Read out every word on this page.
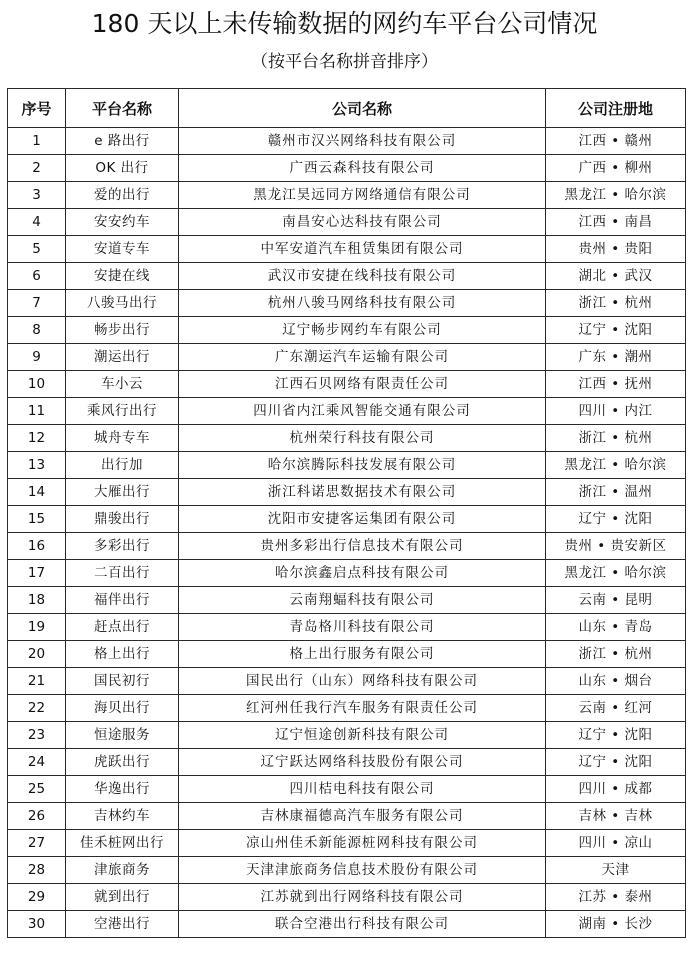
180 天以上未传输数据的网约车平台公司情况
（按平台名称拼音排序）
序号	平台名称	公司名称	公司注册地
1	e 路出行	赣州市汉兴网络科技有限公司	江西 • 赣州
2	OK 出行	广西云森科技有限公司	广西 • 柳州
3	爱的出行	黑龙江昊远同方网络通信有限公司	黑龙江 • 哈尔滨
4	安安约车	南昌安心达科技有限公司	江西 • 南昌
5	安道专车	中军安道汽车租赁集团有限公司	贵州 • 贵阳
6	安捷在线	武汉市安捷在线科技有限公司	湖北 • 武汉
7	八骏马出行	杭州八骏马网络科技有限公司	浙江 • 杭州
8	畅步出行	辽宁畅步网约车有限公司	辽宁 • 沈阳
9	潮运出行	广东潮运汽车运输有限公司	广东 • 潮州
10	车小云	江西石贝网络有限责任公司	江西 • 抚州
11	乘风行出行	四川省内江乘风智能交通有限公司	四川 • 内江
12	城舟专车	杭州荣行科技有限公司	浙江 • 杭州
13	出行加	哈尔滨腾际科技发展有限公司	黑龙江 • 哈尔滨
14	大雁出行	浙江科诺思数据技术有限公司	浙江 • 温州
15	鼎骏出行	沈阳市安捷客运集团有限公司	辽宁 • 沈阳
16	多彩出行	贵州多彩出行信息技术有限公司	贵州 • 贵安新区
17	二百出行	哈尔滨鑫启点科技有限公司	黑龙江 • 哈尔滨
18	福伴出行	云南翔蝠科技有限公司	云南 • 昆明
19	赶点出行	青岛格川科技有限公司	山东 • 青岛
20	格上出行	格上出行服务有限公司	浙江 • 杭州
21	国民初行	国民出行（山东）网络科技有限公司	山东 • 烟台
22	海贝出行	红河州任我行汽车服务有限责任公司	云南 • 红河
23	恒途服务	辽宁恒途创新科技有限公司	辽宁 • 沈阳
24	虎跃出行	辽宁跃达网络科技股份有限公司	辽宁 • 沈阳
25	华逸出行	四川桔电科技有限公司	四川 • 成都
26	吉林约车	吉林康福德高汽车服务有限公司	吉林 • 吉林
27	佳禾桩网出行	凉山州佳禾新能源桩网科技有限公司	四川 • 凉山
28	津旅商务	天津津旅商务信息技术股份有限公司	天津
29	就到出行	江苏就到出行网络科技有限公司	江苏 • 泰州
30	空港出行	联合空港出行科技有限公司	湖南 • 长沙
